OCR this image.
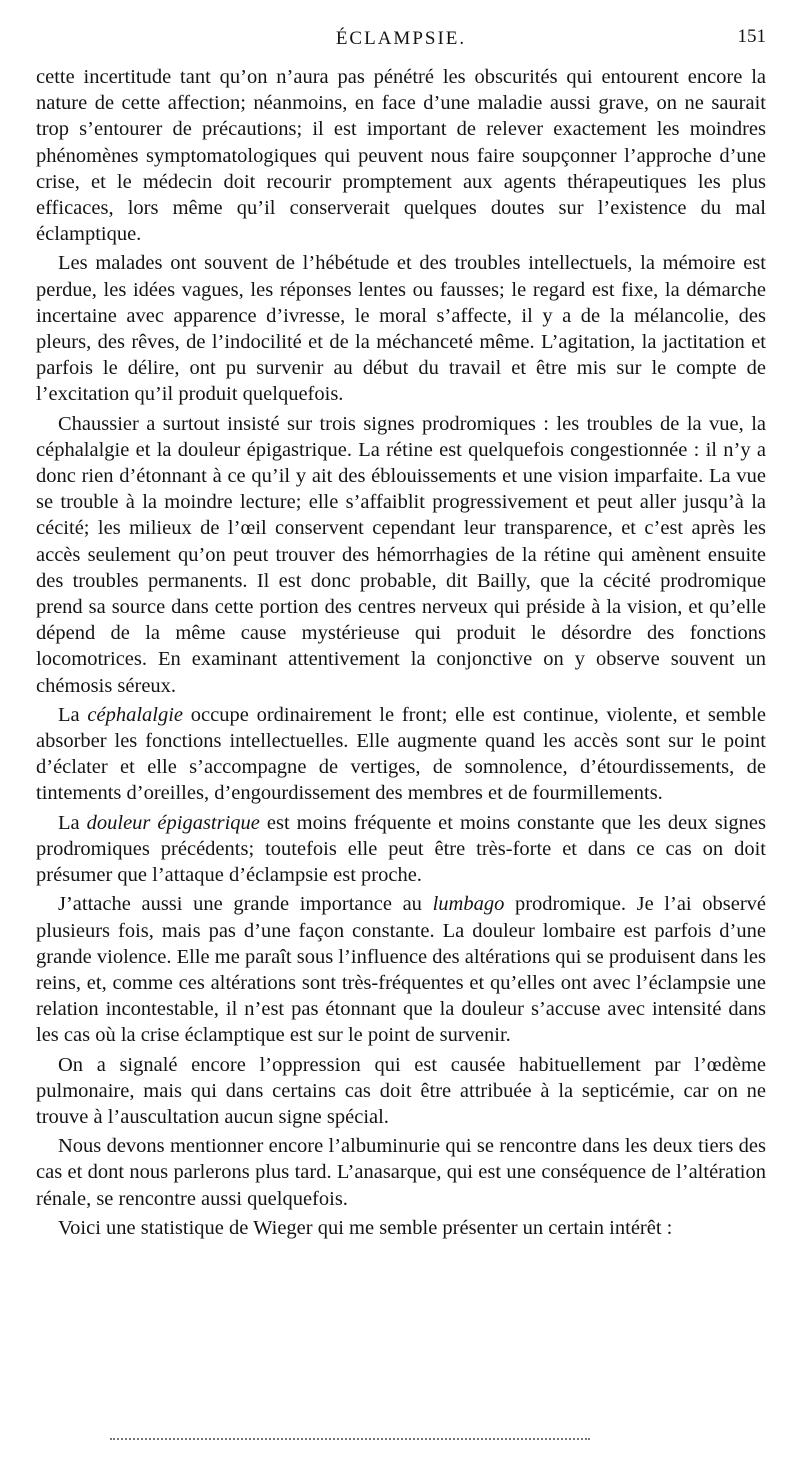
ÉCLAMPSIE.	151

cette incertitude tant qu’on n’aura pas pénétré les obscurités qui entourent encore la nature de cette affection; néanmoins, en face d’une maladie aussi grave, on ne saurait trop s’entourer de précautions; il est important de relever exactement les moindres phénomènes symptomatologiques qui peuvent nous faire soupçonner l’approche d’une crise, et le médecin doit recourir promptement aux agents thérapeutiques les plus efficaces, lors même qu’il conserverait quelques doutes sur l’existence du mal éclamptique.

Les malades ont souvent de l’hébétude et des troubles intellectuels, la mémoire est perdue, les idées vagues, les réponses lentes ou fausses; le regard est fixe, la démarche incertaine avec apparence d’ivresse, le moral s’affecte, il y a de la mélancolie, des pleurs, des rêves, de l’indocilité et de la méchanceté même. L’agitation, la jactitation et parfois le délire, ont pu survenir au début du travail et être mis sur le compte de l’excitation qu’il produit quelquefois.

Chaussier a surtout insisté sur trois signes prodromiques : les troubles de la vue, la céphalalgie et la douleur épigastrique. La rétine est quelquefois congestionnée : il n’y a donc rien d’étonnant à ce qu’il y ait des éblouissements et une vision imparfaite. La vue se trouble à la moindre lecture; elle s’affaiblit progressivement et peut aller jusqu’à la cécité; les milieux de l’œil conservent cependant leur transparence, et c’est après les accès seulement qu’on peut trouver des hémorrhagies de la rétine qui amènent ensuite des troubles permanents. Il est donc probable, dit Bailly, que la cécité prodromique prend sa source dans cette portion des centres nerveux qui préside à la vision, et qu’elle dépend de la même cause mystérieuse qui produit le désordre des fonctions locomotrices. En examinant attentivement la conjonctive on y observe souvent un chémosis séreux.

La céphalalgie occupe ordinairement le front; elle est continue, violente, et semble absorber les fonctions intellectuelles. Elle augmente quand les accès sont sur le point d’éclater et elle s’accompagne de vertiges, de somnolence, d’étourdissements, de tintements d’oreilles, d’engourdissement des membres et de fourmillements.

La douleur épigastrique est moins fréquente et moins constante que les deux signes prodromiques précédents; toutefois elle peut être très-forte et dans ce cas on doit présumer que l’attaque d’éclampsie est proche.

J’attache aussi une grande importance au lumbago prodromique. Je l’ai observé plusieurs fois, mais pas d’une façon constante. La douleur lombaire est parfois d’une grande violence. Elle me paraît sous l’influence des altérations qui se produisent dans les reins, et, comme ces altérations sont très-fréquentes et qu’elles ont avec l’éclampsie une relation incontestable, il n’est pas étonnant que la douleur s’accuse avec intensité dans les cas où la crise éclamptique est sur le point de survenir.

On a signalé encore l’oppression qui est causée habituellement par l’œdème pulmonaire, mais qui dans certains cas doit être attribuée à la septicémie, car on ne trouve à l’auscultation aucun signe spécial.

Nous devons mentionner encore l’albuminurie qui se rencontre dans les deux tiers des cas et dont nous parlerons plus tard. L’anasarque, qui est une conséquence de l’altération rénale, se rencontre aussi quelquefois.

Voici une statistique de Wieger qui me semble présenter un certain intérêt :
